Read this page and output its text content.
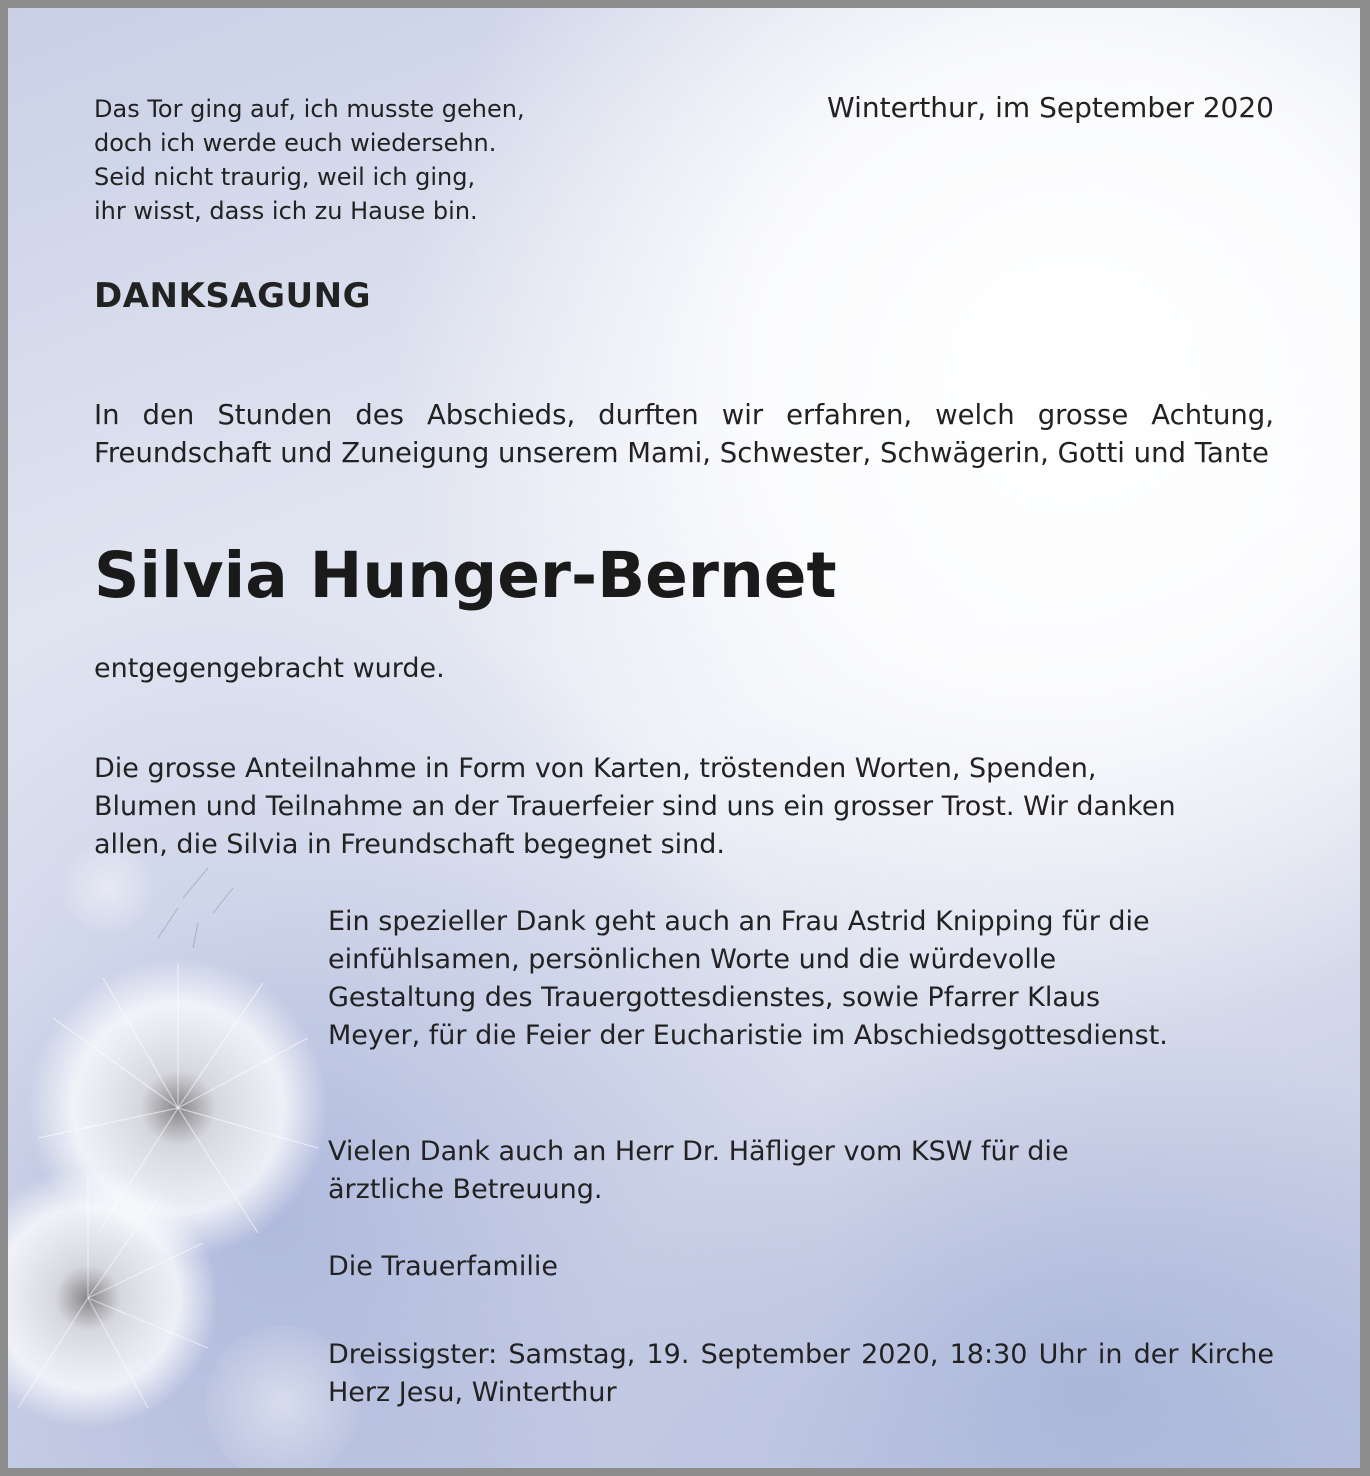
Das Tor ging auf, ich musste gehen,
doch ich werde euch wiedersehn.
Seid nicht traurig, weil ich ging,
ihr wisst, dass ich zu Hause bin.

Winterthur, im September 2020

DANKSAGUNG

In den Stunden des Abschieds, durften wir erfahren, welch grosse Achtung, Freundschaft und Zuneigung unserem Mami, Schwester, Schwägerin, Gotti und Tante

Silvia Hunger-Bernet

entgegengebracht wurde.

Die grosse Anteilnahme in Form von Karten, tröstenden Worten, Spenden, Blumen und Teilnahme an der Trauerfeier sind uns ein grosser Trost. Wir danken allen, die Silvia in Freundschaft begegnet sind.

Ein spezieller Dank geht auch an Frau Astrid Knipping für die einfühlsamen, persönlichen Worte und die würdevolle Gestaltung des Trauergottesdienstes, sowie Pfarrer Klaus Meyer, für die Feier der Eucharistie im Abschiedsgottesdienst.

Vielen Dank auch an Herr Dr. Häfliger vom KSW für die ärztliche Betreuung.

Die Trauerfamilie

Dreissigster: Samstag, 19. September 2020, 18:30 Uhr in der Kirche Herz Jesu, Winterthur
